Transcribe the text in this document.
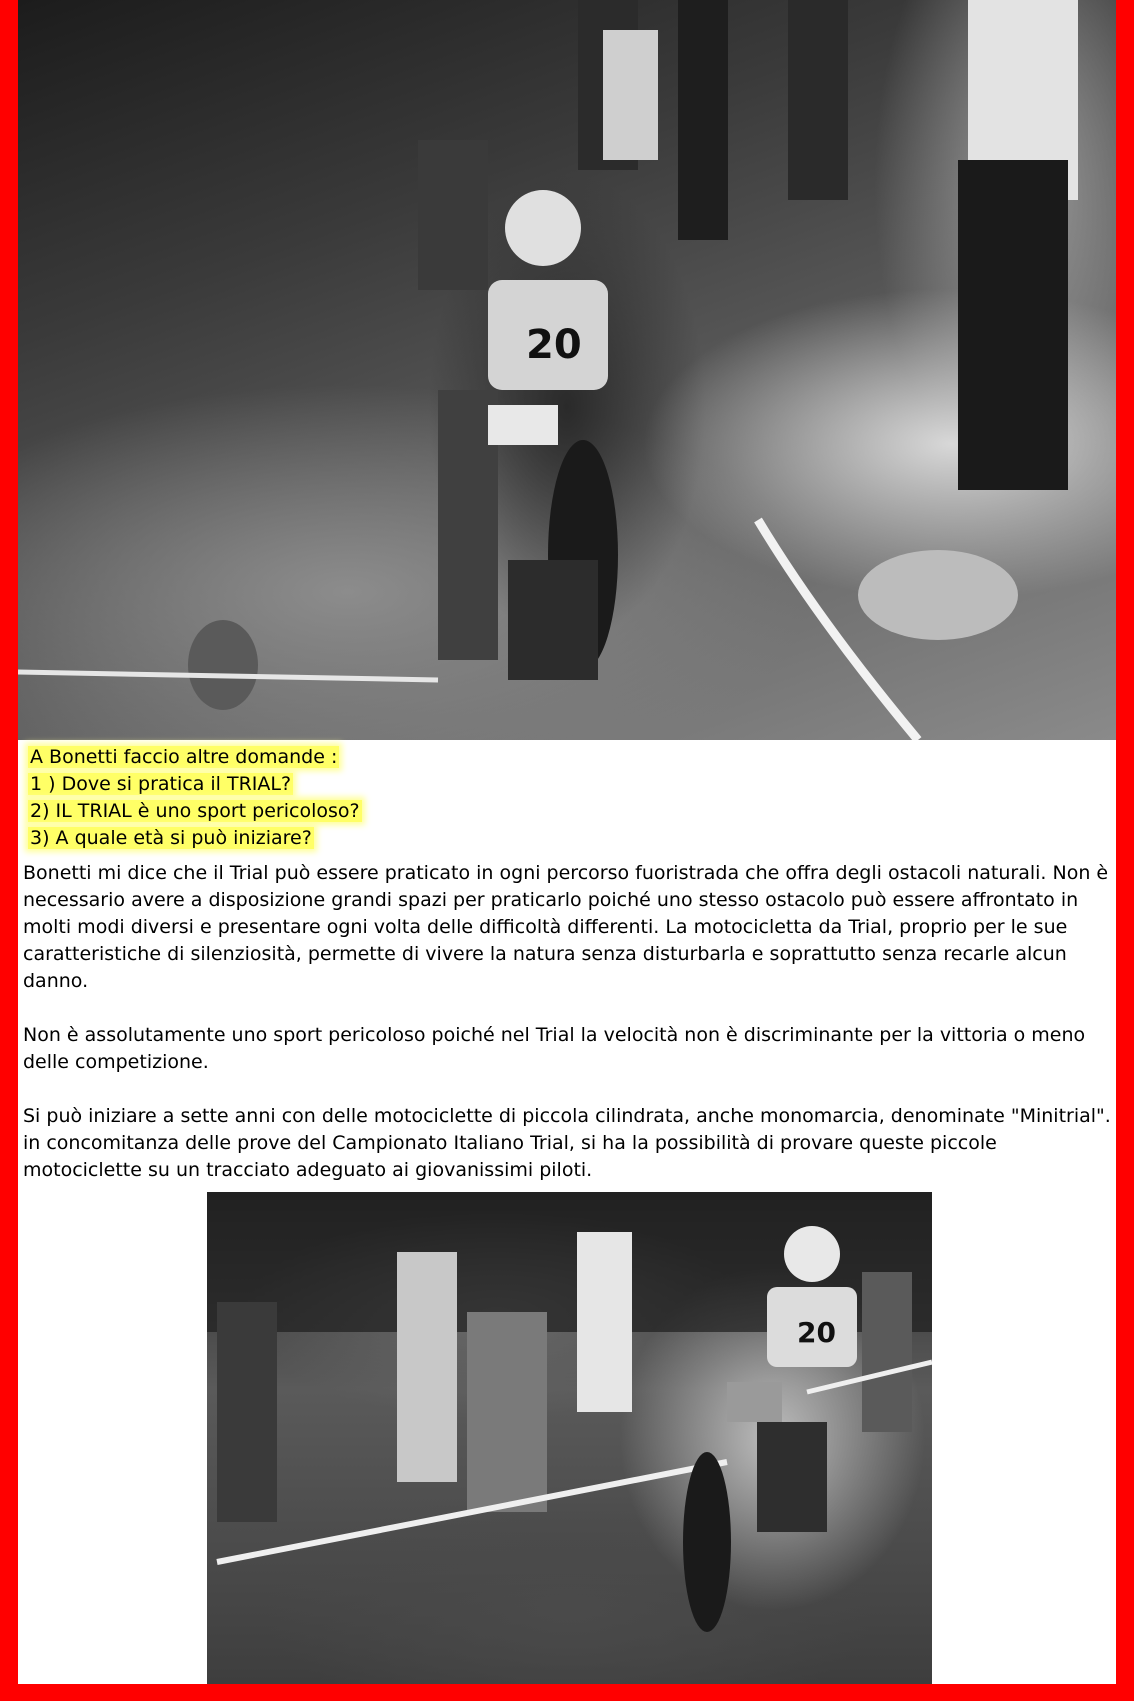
20
A Bonetti faccio altre domande :
1 ) Dove si pratica il TRIAL?
2) IL TRIAL è uno sport pericoloso?
3) A quale età si può iniziare?

Bonetti mi dice che il Trial può essere praticato in ogni percorso fuoristrada che offra degli ostacoli naturali. Non è necessario avere a disposizione grandi spazi per praticarlo poiché uno stesso ostacolo può essere affrontato in molti modi diversi e presentare ogni volta delle difficoltà differenti. La motocicletta da Trial, proprio per le sue caratteristiche di silenziosità, permette di vivere la natura senza disturbarla e soprattutto senza recarle alcun danno.

Non è assolutamente uno sport pericoloso poiché nel Trial la velocità non è discriminante per la vittoria o meno delle competizione.

Si può iniziare a sette anni con delle motociclette di piccola cilindrata, anche monomarcia, denominate "Minitrial". in concomitanza delle prove del Campionato Italiano Trial, si ha la possibilità di provare queste piccole motociclette su un tracciato adeguato ai giovanissimi piloti.

20
